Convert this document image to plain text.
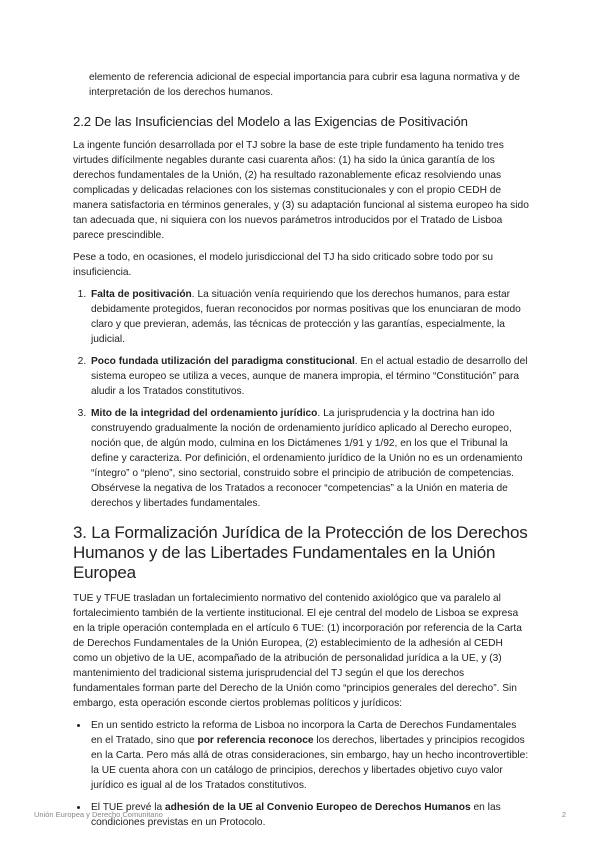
elemento de referencia adicional de especial importancia para cubrir esa laguna normativa y de interpretación de los derechos humanos.

2.2 De las Insuficiencias del Modelo a las Exigencias de Positivación

La ingente función desarrollada por el TJ sobre la base de este triple fundamento ha tenido tres virtudes difícilmente negables durante casi cuarenta años: (1) ha sido la única garantía de los derechos fundamentales de la Unión, (2) ha resultado razonablemente eficaz resolviendo unas complicadas y delicadas relaciones con los sistemas constitucionales y con el propio CEDH de manera satisfactoria en términos generales, y (3) su adaptación funcional al sistema europeo ha sido tan adecuada que, ni siquiera con los nuevos parámetros introducidos por el Tratado de Lisboa parece prescindible.

Pese a todo, en ocasiones, el modelo jurisdiccional del TJ ha sido criticado sobre todo por su insuficiencia.

1. Falta de positivación. La situación venía requiriendo que los derechos humanos, para estar debidamente protegidos, fueran reconocidos por normas positivas que los enunciaran de modo claro y que previeran, además, las técnicas de protección y las garantías, especialmente, la judicial.
2. Poco fundada utilización del paradigma constitucional. En el actual estadio de desarrollo del sistema europeo se utiliza a veces, aunque de manera impropia, el término “Constitución” para aludir a los Tratados constitutivos.
3. Mito de la integridad del ordenamiento jurídico. La jurisprudencia y la doctrina han ido construyendo gradualmente la noción de ordenamiento jurídico aplicado al Derecho europeo, noción que, de algún modo, culmina en los Dictámenes 1/91 y 1/92, en los que el Tribunal la define y caracteriza. Por definición, el ordenamiento jurídico de la Unión no es un ordenamiento “íntegro” o “pleno”, sino sectorial, construido sobre el principio de atribución de competencias. Obsérvese la negativa de los Tratados a reconocer “competencias” a la Unión en materia de derechos y libertades fundamentales.
3. La Formalización Jurídica de la Protección de los Derechos Humanos y de las Libertades Fundamentales en la Unión Europea

TUE y TFUE trasladan un fortalecimiento normativo del contenido axiológico que va paralelo al fortalecimiento también de la vertiente institucional. El eje central del modelo de Lisboa se expresa en la triple operación contemplada en el artículo 6 TUE: (1) incorporación por referencia de la Carta de Derechos Fundamentales de la Unión Europea, (2) establecimiento de la adhesión al CEDH como un objetivo de la UE, acompañado de la atribución de personalidad jurídica a la UE, y (3) mantenimiento del tradicional sistema jurisprudencial del TJ según el que los derechos fundamentales forman parte del Derecho de la Unión como “principios generales del derecho”. Sin embargo, esta operación esconde ciertos problemas políticos y jurídicos:

• En un sentido estricto la reforma de Lisboa no incorpora la Carta de Derechos Fundamentales en el Tratado, sino que por referencia reconoce los derechos, libertades y principios recogidos en la Carta. Pero más allá de otras consideraciones, sin embargo, hay un hecho incontrovertible: la UE cuenta ahora con un catálogo de principios, derechos y libertades objetivo cuyo valor jurídico es igual al de los Tratados constitutivos.
• El TUE prevé la adhesión de la UE al Convenio Europeo de Derechos Humanos en las condiciones previstas en un Protocolo.
Unión Europea y Derecho Comunitario	2
